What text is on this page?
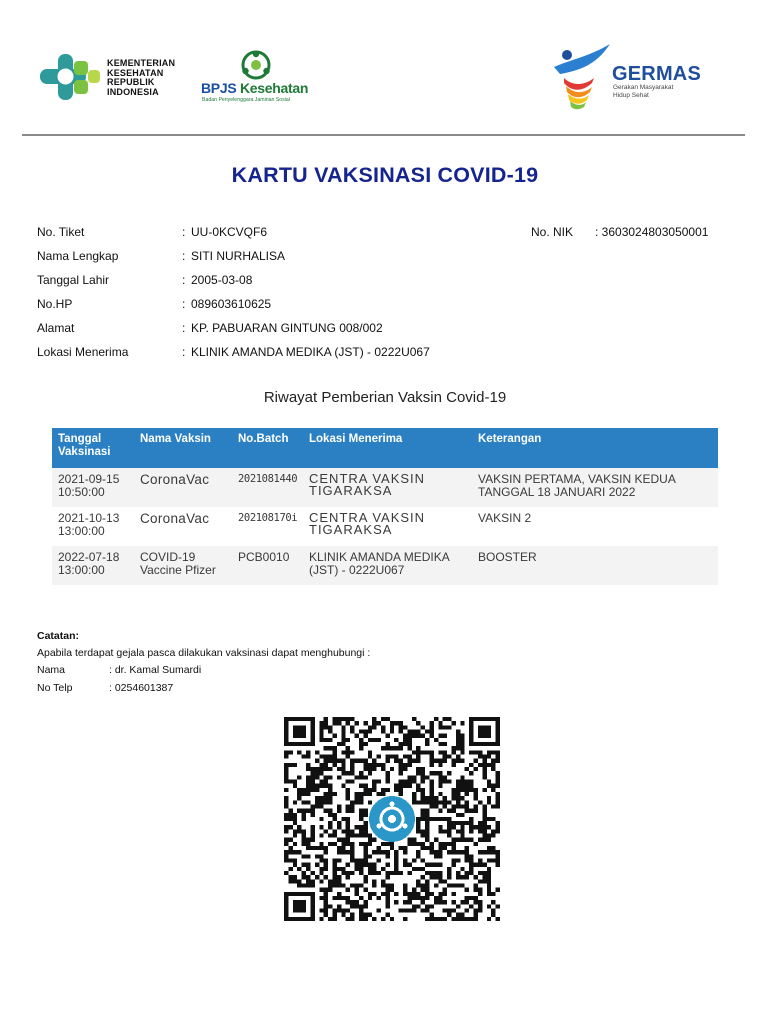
KEMENTERIAN
KESEHATAN
REPUBLIK
INDONESIA	BPJS Kesehatan
Badan Penyelenggara Jaminan Sosial
GERMAS
Gerakan Masyarakat
Hidup Sehat
KARTU VAKSINASI COVID-19
No. Tiket	: UU-0KCVQF6
Nama Lengkap	: SITI NURHALISA
Tanggal Lahir	: 2005-03-08
No.HP	: 089603610625
Alamat	: KP. PABUARAN GINTUNG 008/002
Lokasi Menerima	: KLINIK AMANDA MEDIKA (JST) - 0222U067
No. NIK : 3603024803050001
Riwayat Pemberian Vaksin Covid-19
Tanggal Vaksinasi	Nama Vaksin	No.Batch	Lokasi Menerima	Keterangan
2021-09-15 10:50:00	CoronaVac	2021081440	CENTRA VAKSIN TIGARAKSA	VAKSIN PERTAMA, VAKSIN KEDUA TANGGAL 18 JANUARI 2022
2021-10-13 13:00:00	CoronaVac	202108170i	CENTRA VAKSIN TIGARAKSA	VAKSIN 2
2022-07-18 13:00:00	COVID-19 Vaccine Pfizer	PCB0010	KLINIK AMANDA MEDIKA (JST) - 0222U067	BOOSTER
Catatan:
Apabila terdapat gejala pasca dilakukan vaksinasi dapat menghubungi :
Nama	: dr. Kamal Sumardi
No Telp	: 0254601387
